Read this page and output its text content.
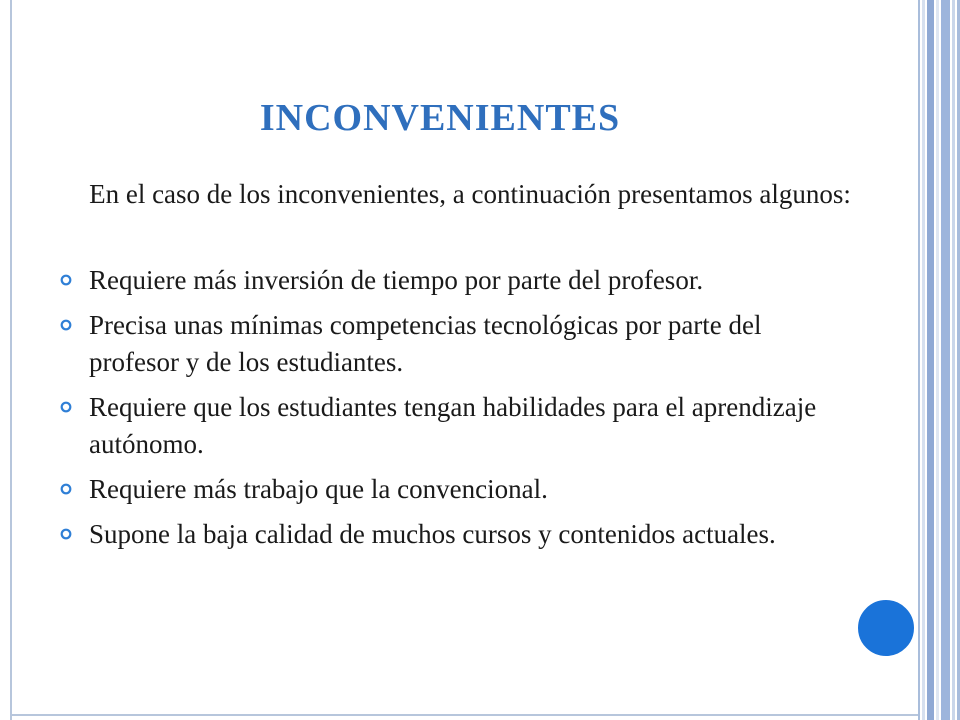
INCONVENIENTES

En el caso de los inconvenientes, a continuación presentamos algunos:

Requiere más inversión de tiempo por parte del profesor.
Precisa unas mínimas competencias tecnológicas por parte del profesor y de los estudiantes.
Requiere que los estudiantes tengan habilidades para el aprendizaje autónomo.
Requiere más trabajo que la convencional.
Supone la baja calidad de muchos cursos y contenidos actuales.
